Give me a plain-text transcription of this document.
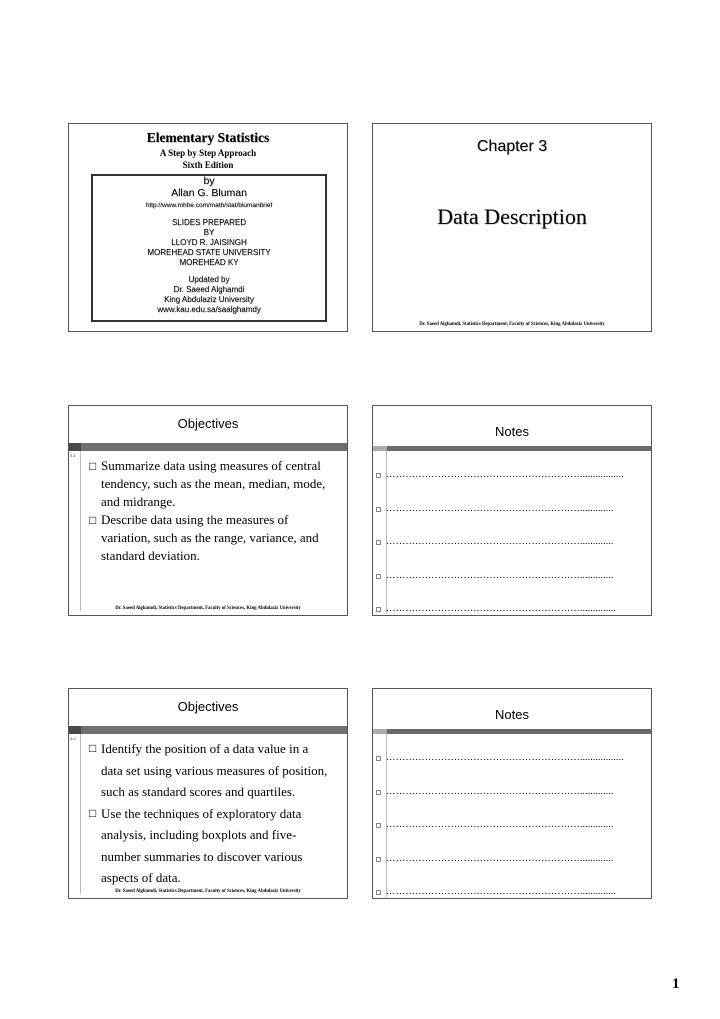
Elementary Statistics
A Step by Step Approach
Sixth Edition
by
Allan G. Bluman
http://www.mhhe.com/math/stat/blumanbrief
SLIDES PREPARED
BY
LLOYD R. JAISINGH
MOREHEAD STATE UNIVERSITY
MOREHEAD KY
Updated by
Dr. Saeed Alghamdi
King Abdulaziz University
www.kau.edu.sa/saalghamdy
Chapter 3
Data Description
Dr. Saeed Alghamdi, Statistics Department, Faculty of Sciences, King Abdulaziz University
Objectives
3-1
□ Summarize data using measures of central
tendency, such as the mean, median, mode,
and midrange.
□ Describe data using the measures of
variation, such as the range, variance, and
standard deviation.
Dr. Saeed Alghamdi, Statistics Department, Faculty of Sciences, King Abdulaziz University
Notes
…………………………………………………….................
…………………………………………………….............
…………………………………………………….............
…………………………………………………….............
……………………………………………………..............
Objectives
3-2
□ Identify the position of a data value in a
data set using various measures of position,
such as standard scores and quartiles.
□ Use the techniques of exploratory data
analysis, including boxplots and five-
number summaries to discover various
aspects of data.
Dr. Saeed Alghamdi, Statistics Department, Faculty of Sciences, King Abdulaziz University
Notes
…………………………………………………….................
…………………………………………………….............
…………………………………………………….............
…………………………………………………….............
……………………………………………………..............
1
